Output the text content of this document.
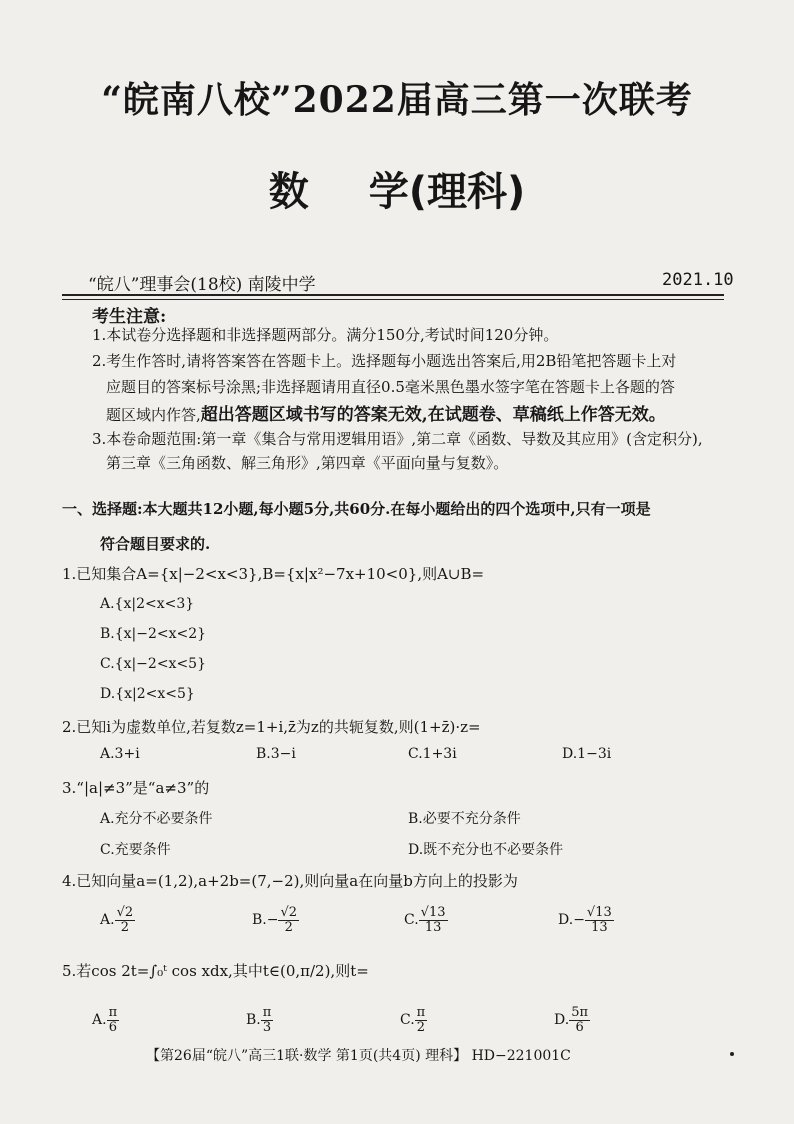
“皖南八校”2022届高三第一次联考
数 学(理科)
“皖八”理事会(18校) 南陵中学	2021.10
考生注意:
1.本试卷分选择题和非选择题两部分。满分150分,考试时间120分钟。
2.考生作答时,请将答案答在答题卡上。选择题每小题选出答案后,用2B铅笔把答题卡上对
应题目的答案标号涂黑;非选择题请用直径0.5毫米黑色墨水签字笔在答题卡上各题的答
题区域内作答,超出答题区域书写的答案无效,在试题卷、草稿纸上作答无效。
3.本卷命题范围:第一章《集合与常用逻辑用语》,第二章《函数、导数及其应用》(含定积分),
第三章《三角函数、解三角形》,第四章《平面向量与复数》。
一、选择题:本大题共12小题,每小题5分,共60分.在每小题给出的四个选项中,只有一项是
符合题目要求的.
1.已知集合A={x|−2<x<3},B={x|x²−7x+10<0},则A∪B=
A.{x|2<x<3}
B.{x|−2<x<2}
C.{x|−2<x<5}
D.{x|2<x<5}
2.已知i为虚数单位,若复数z=1+i,z̄为z的共轭复数,则(1+z̄)·z=
A.3+i	B.3−i	C.1+3i	D.1−3i
3.“|a|≠3”是“a≠3”的
A.充分不必要条件	B.必要不充分条件
C.充要条件	D.既不充分也不必要条件
4.已知向量a=(1,2),a+2b=(7,−2),则向量a在向量b方向上的投影为
A. $\frac{√2}{2}$	$B.- \frac{√2}{2}$	C. $\frac{√13}{13}$	$D.- \frac{√13}{13}$
5.若cos 2t=∫₀ᵗ cos xdx,其中t∈(0,π/2),则t=
A. $\frac{\pi}{6}$	B. $\frac{\pi}{3}$	C. $\frac{\pi}{2}$	D. $\frac{5\pi}{6}$
【第26届“皖八”高三1联·数学 第1页(共4页) 理科】 HD−221001C
